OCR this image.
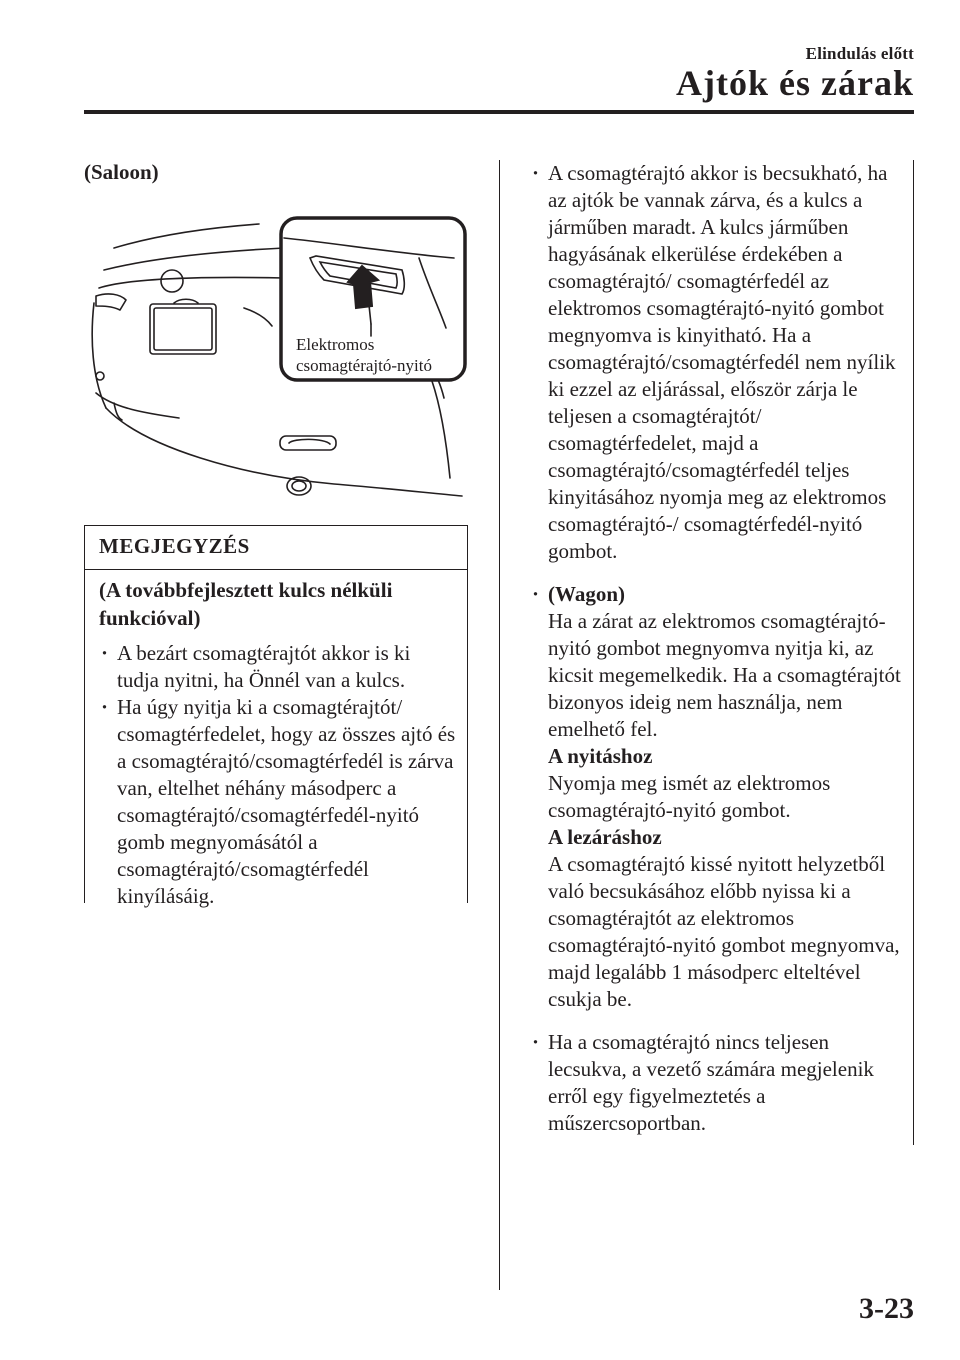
Elindulás előtt
Ajtók és zárak
(Saloon)
Elektromos
csomagtérajtó-nyitó
MEGJEGYZÉS
(A továbbfejlesztett kulcs nélküli funkcióval)
· A bezárt csomagtérajtót akkor is ki tudja nyitni, ha Önnél van a kulcs.
· Ha úgy nyitja ki a csomagtérajtót/ csomagtérfedelet, hogy az összes ajtó és a csomagtérajtó/csomagtérfedél is zárva van, eltelhet néhány másodperc a csomagtérajtó/csomagtérfedél-nyitó gomb megnyomásától a csomagtérajtó/csomagtérfedél kinyílásáig.
· A csomagtérajtó akkor is becsukható, ha az ajtók be vannak zárva, és a kulcs a járműben maradt. A kulcs járműben hagyásának elkerülése érdekében a csomagtérajtó/ csomagtérfedél az elektromos csomagtérajtó-nyitó gombot megnyomva is kinyitható. Ha a csomagtérajtó/csomagtérfedél nem nyílik ki ezzel az eljárással, először zárja le teljesen a csomagtérajtót/ csomagtérfedelet, majd a csomagtérajtó/csomagtérfedél teljes kinyitásához nyomja meg az elektromos csomagtérajtó-/ csomagtérfedél-nyitó gombot.
· (Wagon)
Ha a zárat az elektromos csomagtérajtó-nyitó gombot megnyomva nyitja ki, az kicsit megemelkedik. Ha a csomagtérajtót bizonyos ideig nem használja, nem emelhető fel.
A nyitáshoz
Nyomja meg ismét az elektromos csomagtérajtó-nyitó gombot.
A lezáráshoz
A csomagtérajtó kissé nyitott helyzetből való becsukásához előbb nyissa ki a csomagtérajtót az elektromos csomagtérajtó-nyitó gombot megnyomva, majd legalább 1 másodperc elteltével csukja be.
· Ha a csomagtérajtó nincs teljesen lecsukva, a vezető számára megjelenik erről egy figyelmeztetés a műszercsoportban.
3-23
